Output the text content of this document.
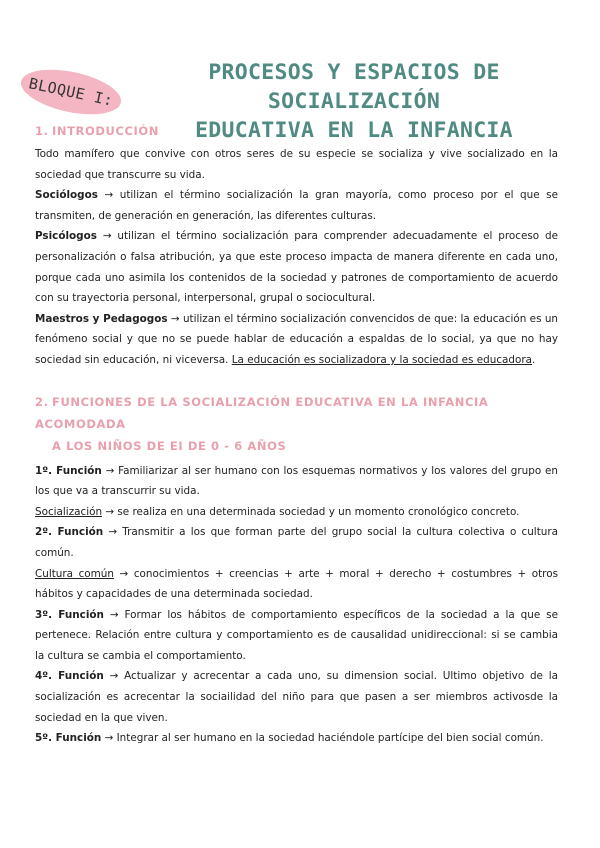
BLOQUE I:
PROCESOS Y ESPACIOS DE SOCIALIZACIÓN
EDUCATIVA EN LA INFANCIA
1. INTRODUCCIÓN

Todo mamífero que convive con otros seres de su especie se socializa y vive socializado en la sociedad que transcurre su vida.

Sociólogos → utilizan el término socialización la gran mayoría, como proceso por el que se transmiten, de generación en generación, las diferentes culturas.

Psicólogos → utilizan el término socialización para comprender adecuadamente el proceso de personalización o falsa atribución, ya que este proceso impacta de manera diferente en cada uno, porque cada uno asimila los contenidos de la sociedad y patrones de comportamiento de acuerdo con su trayectoria personal, interpersonal, grupal o sociocultural.

Maestros y Pedagogos → utilizan el término socialización convencidos de que: la educación es un fenómeno social y que no se puede hablar de educación a espaldas de lo social, ya que no hay sociedad sin educación, ni viceversa. La educación es socializadora y la sociedad es educadora.

2. FUNCIONES DE LA SOCIALIZACIÓN EDUCATIVA EN LA INFANCIA ACOMODADA
A LOS NIÑOS DE EI DE 0 - 6 AÑOS

1º. Función → Familiarizar al ser humano con los esquemas normativos y los valores del grupo en los que va a transcurrir su vida.

Socialización → se realiza en una determinada sociedad y un momento cronológico concreto.

2º. Función → Transmitir a los que forman parte del grupo social la cultura colectiva o cultura común.

Cultura común → conocimientos + creencias + arte + moral + derecho + costumbres + otros hábitos y capacidades de una determinada sociedad.

3º. Función → Formar los hábitos de comportamiento específicos de la sociedad a la que se pertenece. Relación entre cultura y comportamiento es de causalidad unidireccional: si se cambia la cultura se cambia el comportamiento.

4º. Función → Actualizar y acrecentar a cada uno, su dimension social. Ultimo objetivo de la socialización es acrecentar la sociailidad del niño para que pasen a ser miembros activosde la sociedad en la que viven.

5º. Función → Integrar al ser humano en la sociedad haciéndole partícipe del bien social común.
